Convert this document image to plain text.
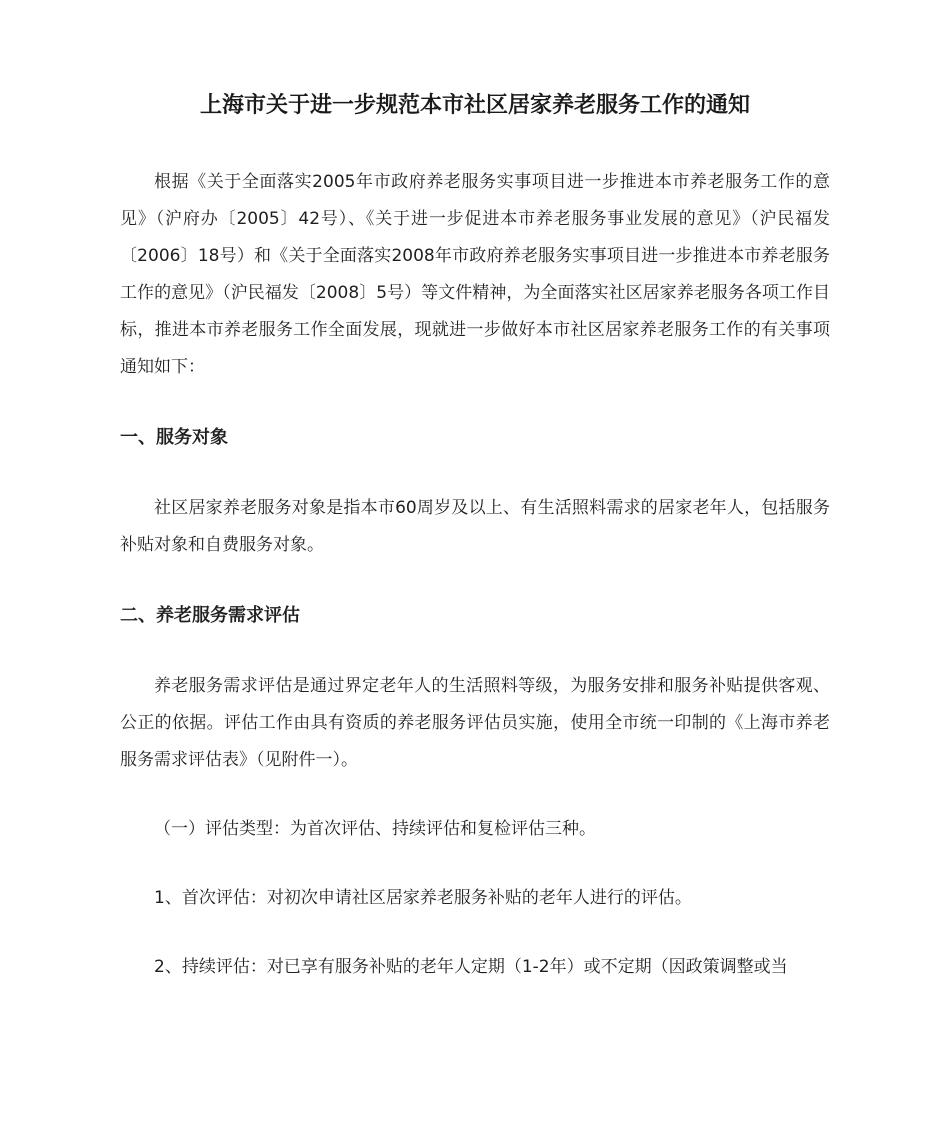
上海市关于进一步规范本市社区居家养老服务工作的通知

根据《关于全面落实2005年市政府养老服务实事项目进一步推进本市养老服务工作的意见》（沪府办〔2005〕42号）、《关于进一步促进本市养老服务事业发展的意见》（沪民福发〔2006〕18号）和《关于全面落实2008年市政府养老服务实事项目进一步推进本市养老服务工作的意见》（沪民福发〔2008〕5号）等文件精神，为全面落实社区居家养老服务各项工作目标，推进本市养老服务工作全面发展，现就进一步做好本市社区居家养老服务工作的有关事项通知如下：

一、服务对象

社区居家养老服务对象是指本市60周岁及以上、有生活照料需求的居家老年人，包括服务补贴对象和自费服务对象。

二、养老服务需求评估

养老服务需求评估是通过界定老年人的生活照料等级，为服务安排和服务补贴提供客观、公正的依据。评估工作由具有资质的养老服务评估员实施，使用全市统一印制的《上海市养老服务需求评估表》（见附件一）。

（一）评估类型：为首次评估、持续评估和复检评估三种。

1、首次评估：对初次申请社区居家养老服务补贴的老年人进行的评估。

2、持续评估：对已享有服务补贴的老年人定期（1-2年）或不定期（因政策调整或当
